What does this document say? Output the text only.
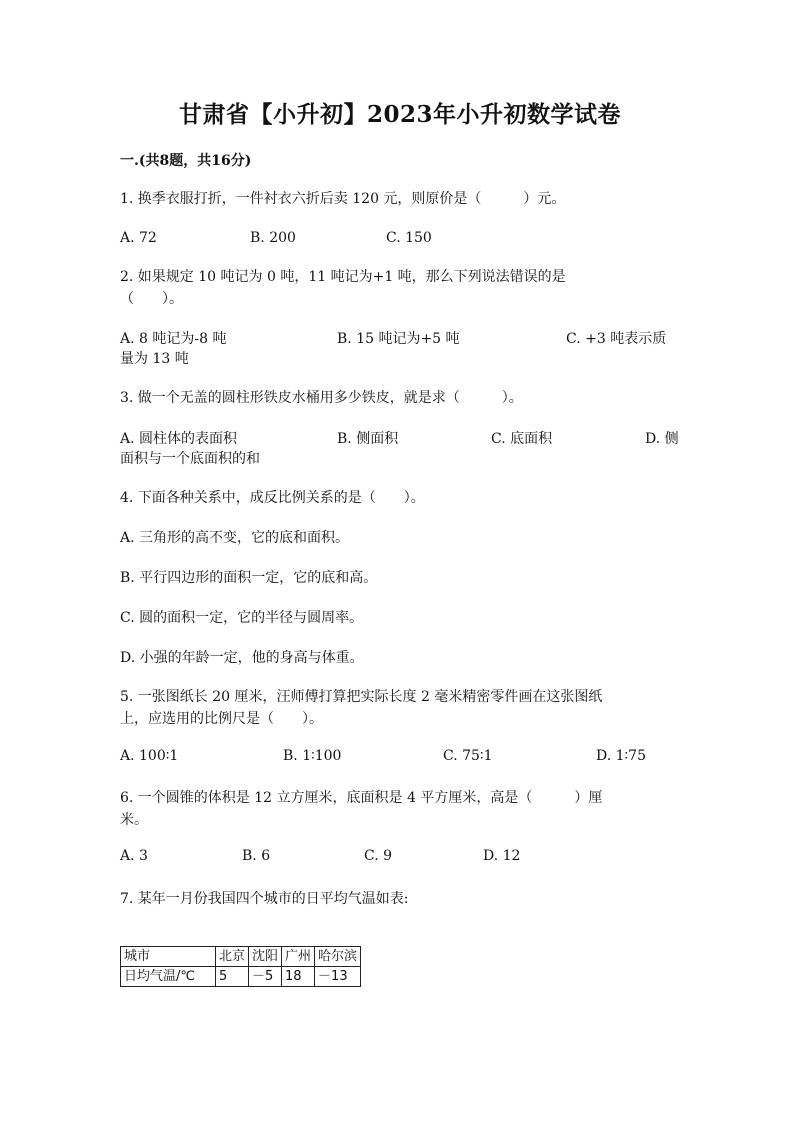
甘肃省【小升初】2023年小升初数学试卷
一.(共8题，共16分)
1. 换季衣服打折，一件衬衣六折后卖 120 元，则原价是（　　　）元。
A. 72	B. 200	C. 150
2. 如果规定 10 吨记为 0 吨，11 吨记为+1 吨，那么下列说法错误的是
（　　）。
A. 8 吨记为-8 吨	B. 15 吨记为+5 吨	C. +3 吨表示质
量为 13 吨
3. 做一个无盖的圆柱形铁皮水桶用多少铁皮，就是求（　　　）。
A. 圆柱体的表面积	B. 侧面积	C. 底面积	D. 侧
面积与一个底面积的和
4. 下面各种关系中，成反比例关系的是（　　）。
A. 三角形的高不变，它的底和面积。
B. 平行四边形的面积一定，它的底和高。
C. 圆的面积一定，它的半径与圆周率。
D. 小强的年龄一定，他的身高与体重。
5. 一张图纸长 20 厘米，汪师傅打算把实际长度 2 毫米精密零件画在这张图纸
上，应选用的比例尺是（　　）。
A. 100∶1	B. 1∶100	C. 75∶1	D. 1∶75
6. 一个圆锥的体积是 12 立方厘米，底面积是 4 平方厘米，高是（　　　）厘
米。
A. 3	B. 6	C. 9	D. 12
7. 某年一月份我国四个城市的日平均气温如表:
城市	北京	沈阳	广州	哈尔滨
日均气温/℃	5	－5	18	－13
